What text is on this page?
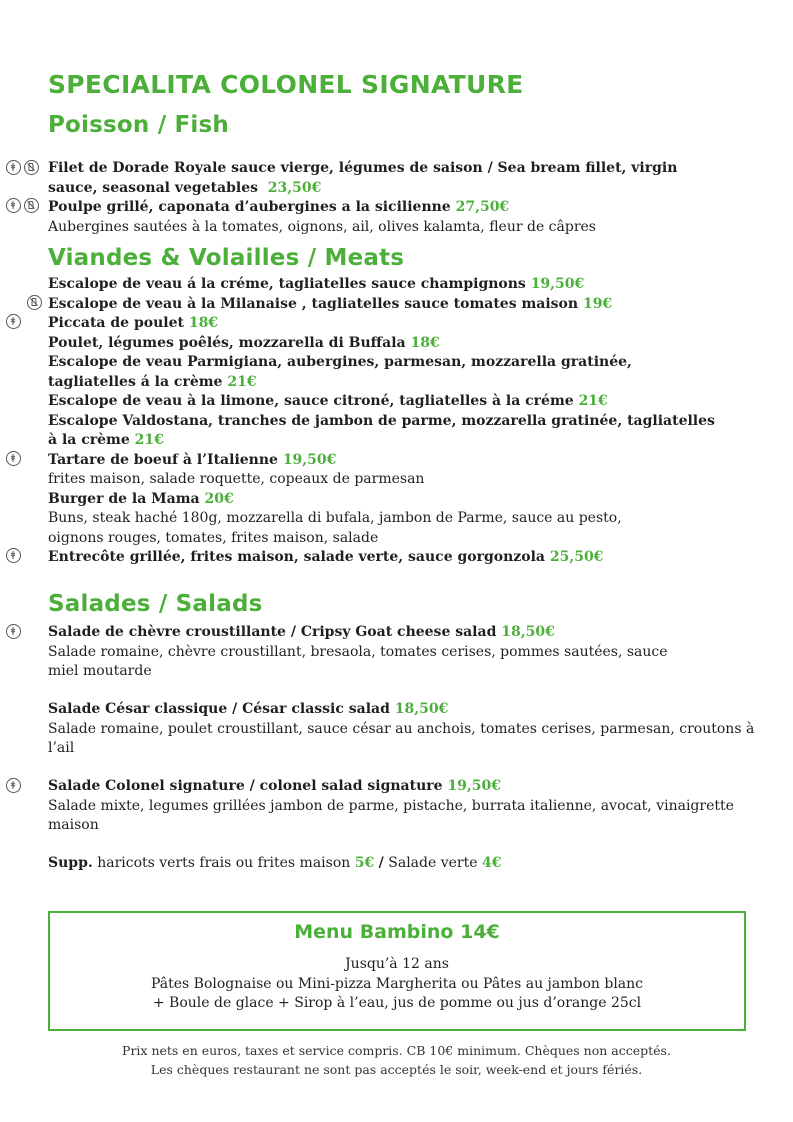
SPECIALITA COLONEL SIGNATURE
Poisson / Fish
Filet de Dorade Royale sauce vierge, légumes de saison / Sea bream fillet, virgin
sauce, seasonal vegetables 23,50€
Poulpe grillé, caponata d’aubergines a la sicilienne 27,50€
Aubergines sautées à la tomates, oignons, ail, olives kalamta, fleur de câpres
Viandes & Volailles / Meats
Escalope de veau á la créme, tagliatelles sauce champignons 19,50€
Escalope de veau à la Milanaise , tagliatelles sauce tomates maison 19€
Piccata de poulet 18€
Poulet, légumes poêlés, mozzarella di Buffala 18€
Escalope de veau Parmigiana, aubergines, parmesan, mozzarella gratinée,
tagliatelles á la crème 21€
Escalope de veau à la limone, sauce citroné, tagliatelles à la créme 21€
Escalope Valdostana, tranches de jambon de parme, mozzarella gratinée, tagliatelles
à la crème 21€
Tartare de boeuf à l’Italienne 19,50€
frites maison, salade roquette, copeaux de parmesan
Burger de la Mama 20€
Buns, steak haché 180g, mozzarella di bufala, jambon de Parme, sauce au pesto,
oignons rouges, tomates, frites maison, salade
Entrecôte grillée, frites maison, salade verte, sauce gorgonzola 25,50€
Salades / Salads
Salade de chèvre croustillante / Cripsy Goat cheese salad 18,50€
Salade romaine, chèvre croustillant, bresaola, tomates cerises, pommes sautées, sauce
miel moutarde
Salade César classique / César classic salad 18,50€
Salade romaine, poulet croustillant, sauce césar au anchois, tomates cerises, parmesan, croutons à
l’ail
Salade Colonel signature / colonel salad signature 19,50€
Salade mixte, legumes grillées jambon de parme, pistache, burrata italienne, avocat, vinaigrette
maison
Supp. haricots verts frais ou frites maison 5€ / Salade verte 4€
Menu Bambino 14€
Jusqu’à 12 ans
Pâtes Bolognaise ou Mini-pizza Margherita ou Pâtes au jambon blanc
+ Boule de glace + Sirop à l’eau, jus de pomme ou jus d’orange 25cl
Prix nets en euros, taxes et service compris. CB 10€ minimum. Chèques non acceptés.
Les chèques restaurant ne sont pas acceptés le soir, week-end et jours fériés.
